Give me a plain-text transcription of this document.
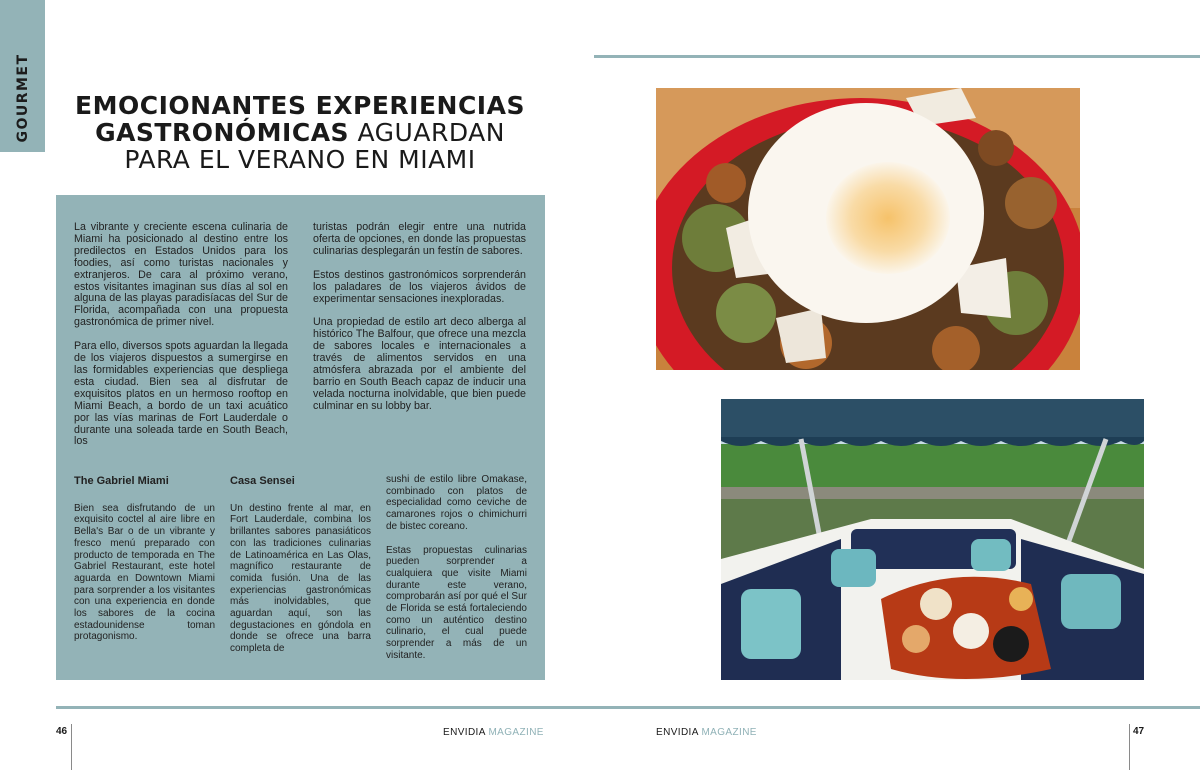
GOURMET	EMOCIONANTES EXPERIENCIAS
GASTRONÓMICAS AGUARDAN
PARA EL VERANO EN MIAMI

La vibrante y creciente escena culinaria de Miami ha posicionado al destino entre los predilectos en Estados Unidos para los foodies, así como turistas nacionales y extranjeros. De cara al próximo verano, estos visitantes imaginan sus días al sol en alguna de las playas paradisíacas del Sur de Florida, acompañada con una propuesta gastronómica de primer nivel.

Para ello, diversos spots aguardan la llegada de los viajeros dispuestos a sumergirse en las formidables experiencias que despliega esta ciudad. Bien sea al disfrutar de exquisitos platos en un hermoso rooftop en Miami Beach, a bordo de un taxi acuático por las vías marinas de Fort Lauderdale o durante una soleada tarde en South Beach, los

turistas podrán elegir entre una nutrida oferta de opciones, en donde las propuestas culinarias desplegarán un festín de sabores.

Estos destinos gastronómicos sorprenderán los paladares de los viajeros ávidos de experimentar sensaciones inexploradas.

Una propiedad de estilo art deco alberga al histórico The Balfour, que ofrece una mezcla de sabores locales e internacionales a través de alimentos servidos en una atmósfera abrazada por el ambiente del barrio en South Beach capaz de inducir una velada nocturna inolvidable, que bien puede culminar en su lobby bar.

The Gabriel Miami

Bien sea disfrutando de un exquisito coctel al aire libre en Bella's Bar o de un vibrante y fresco menú preparado con producto de temporada en The Gabriel Restaurant, este hotel aguarda en Downtown Miami para sorprender a los visitantes con una experiencia en donde los sabores de la cocina estadounidense toman protagonismo.

Casa Sensei

Un destino frente al mar, en Fort Lauderdale, combina los brillantes sabores panasiáticos con las tradiciones culinarias de Latinoamérica en Las Olas, magnífico restaurante de comida fusión. Una de las experiencias gastronómicas más inolvidables, que aguardan aquí, son las degustaciones en góndola en donde se ofrece una barra completa de

sushi de estilo libre Omakase, combinado con platos de especialidad como ceviche de camarones rojos o chimichurri de bistec coreano.

Estas propuestas culinarias pueden sorprender a cualquiera que visite Miami durante este verano, comprobarán así por qué el Sur de Florida se está fortaleciendo como un auténtico destino culinario, el cual puede sorprender a más de un visitante.

46	ENVIDIA MAGAZINE	ENVIDIA MAGAZINE	47
